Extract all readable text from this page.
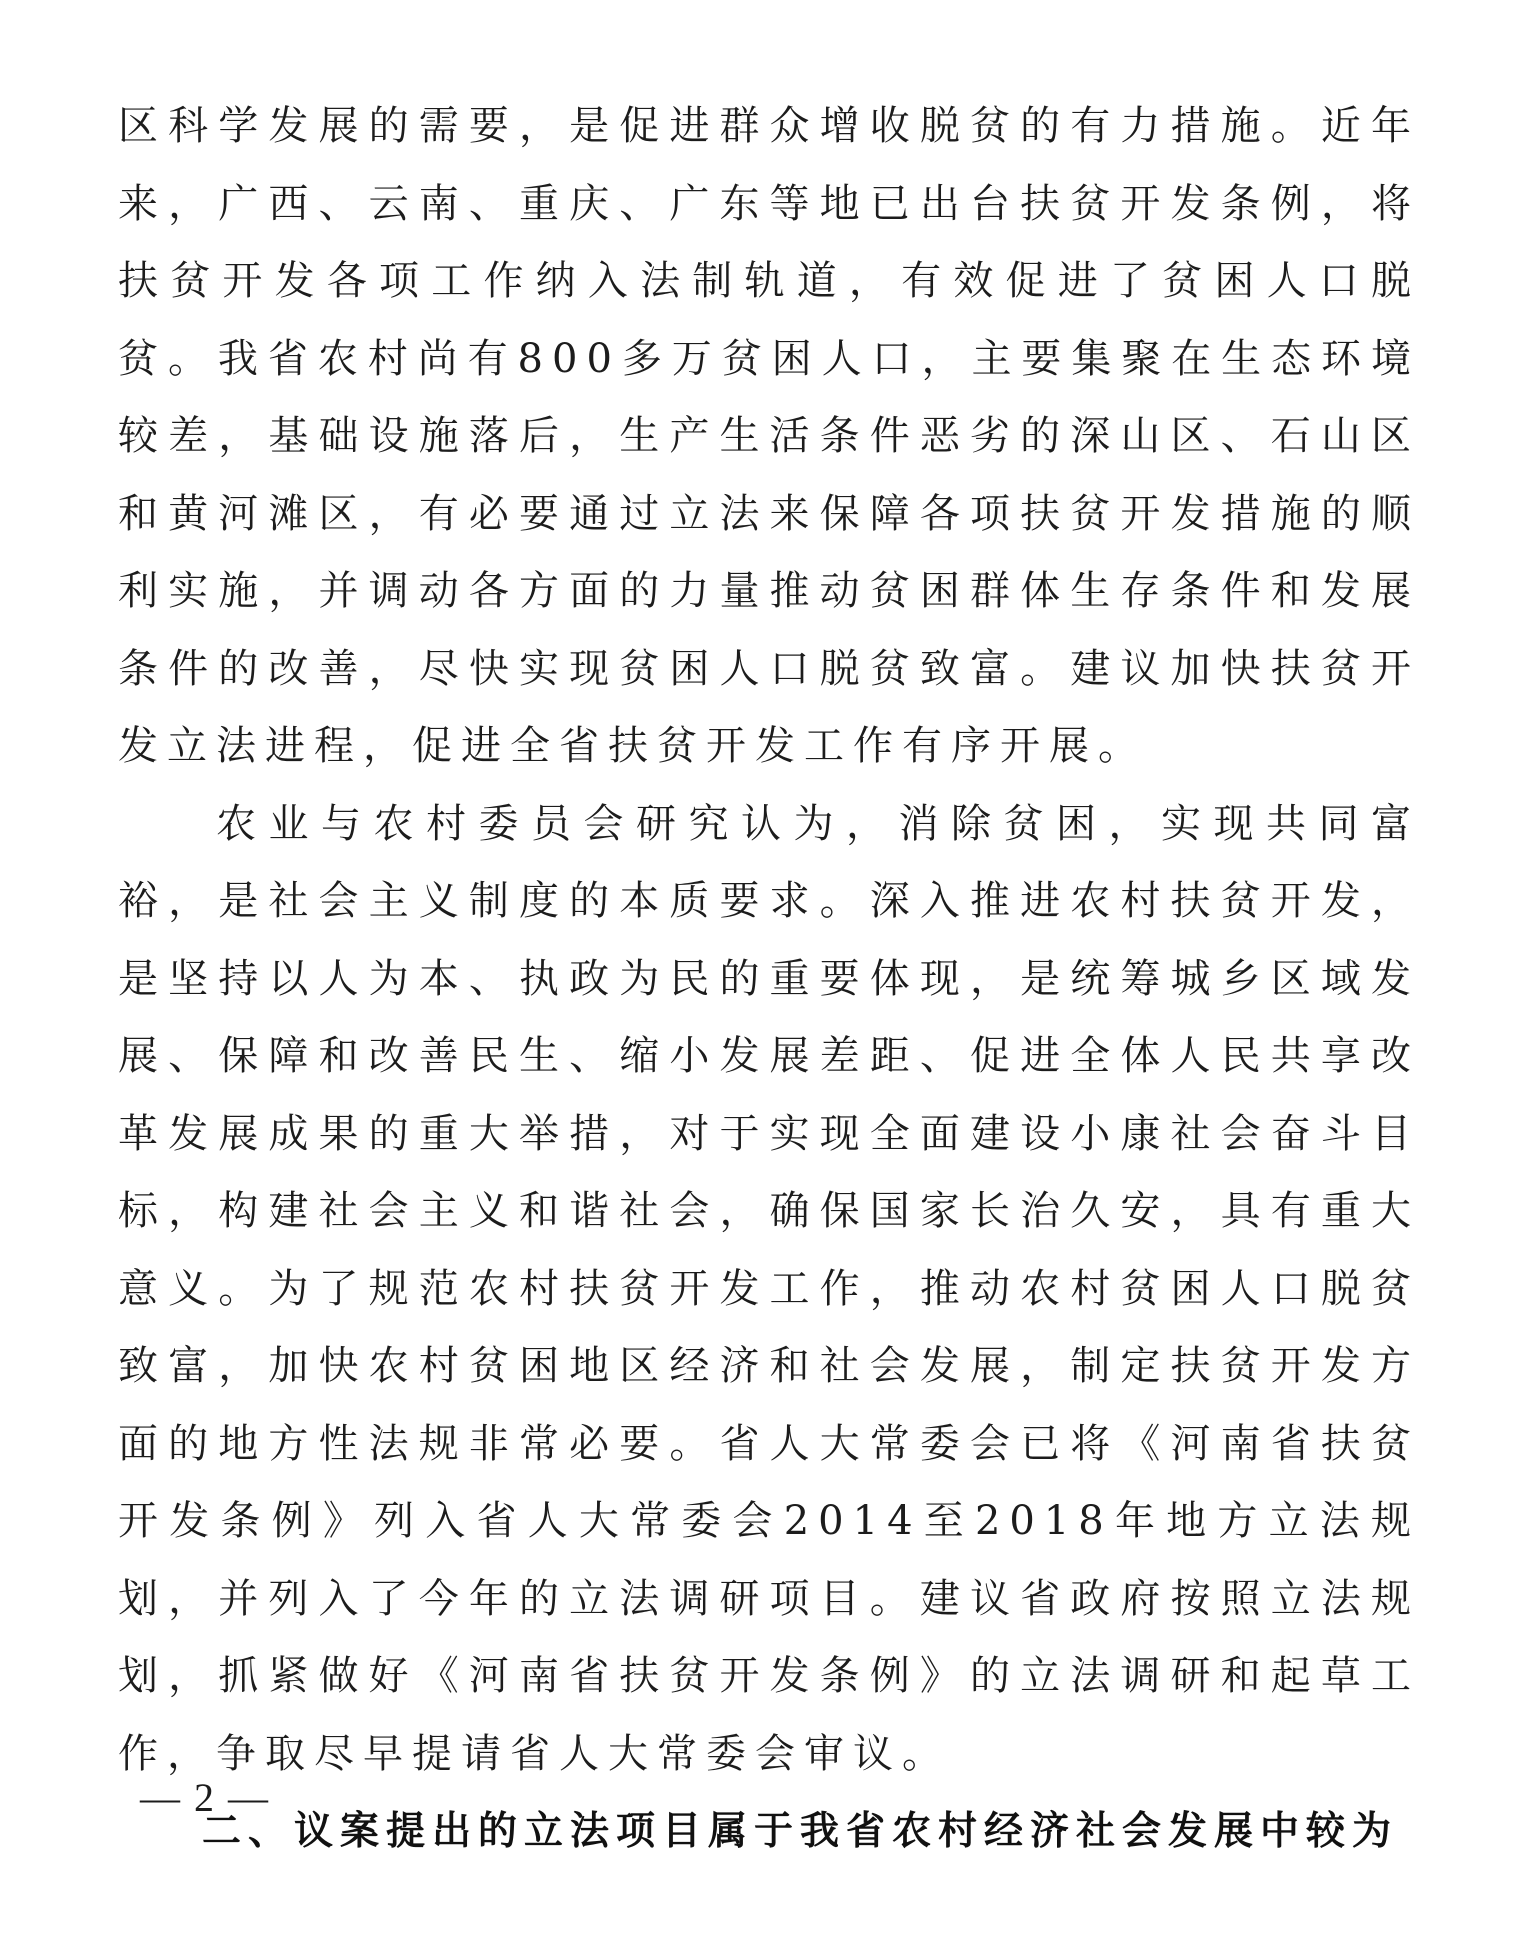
区科学发展的需要，是促进群众增收脱贫的有力措施。近年来，广西、云南、重庆、广东等地已出台扶贫开发条例，将扶贫开发各项工作纳入法制轨道，有效促进了贫困人口脱贫。我省农村尚有800多万贫困人口，主要集聚在生态环境较差，基础设施落后，生产生活条件恶劣的深山区、石山区和黄河滩区，有必要通过立法来保障各项扶贫开发措施的顺利实施，并调动各方面的力量推动贫困群体生存条件和发展条件的改善，尽快实现贫困人口脱贫致富。建议加快扶贫开发立法进程，促进全省扶贫开发工作有序开展。

农业与农村委员会研究认为，消除贫困，实现共同富裕，是社会主义制度的本质要求。深入推进农村扶贫开发，是坚持以人为本、执政为民的重要体现，是统筹城乡区域发展、保障和改善民生、缩小发展差距、促进全体人民共享改革发展成果的重大举措，对于实现全面建设小康社会奋斗目标，构建社会主义和谐社会，确保国家长治久安，具有重大意义。为了规范农村扶贫开发工作，推动农村贫困人口脱贫致富，加快农村贫困地区经济和社会发展，制定扶贫开发方面的地方性法规非常必要。省人大常委会已将《河南省扶贫开发条例》列入省人大常委会2014至2018年地方立法规划，并列入了今年的立法调研项目。建议省政府按照立法规划，抓紧做好《河南省扶贫开发条例》的立法调研和起草工作，争取尽早提请省人大常委会审议。

二、议案提出的立法项目属于我省农村经济社会发展中较为

— 2 —
